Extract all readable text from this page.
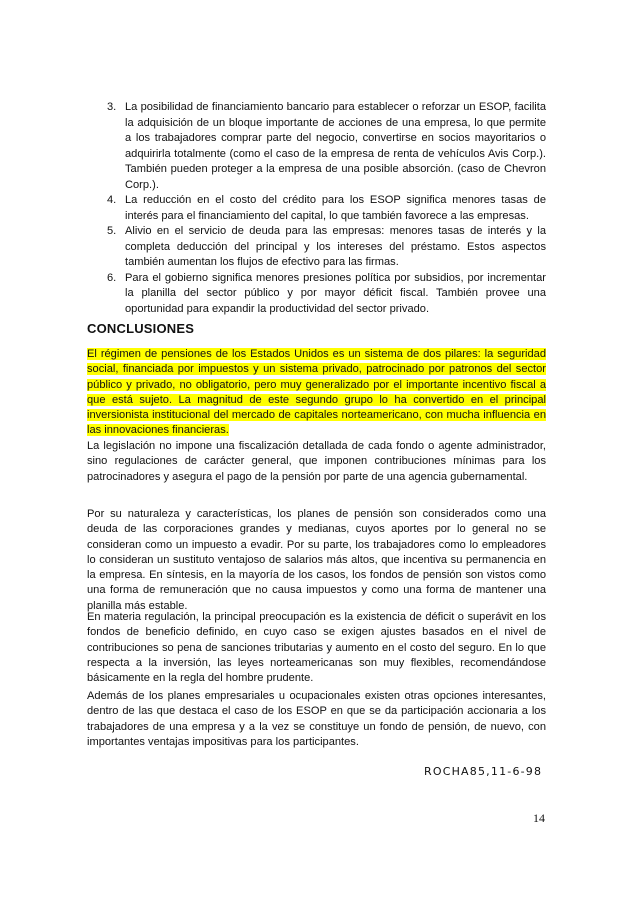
3. La posibilidad de financiamiento bancario para establecer o reforzar un ESOP, facilita la adquisición de un bloque importante de acciones de una empresa, lo que permite a los trabajadores comprar parte del negocio, convertirse en socios mayoritarios o adquirirla totalmente (como el caso de la empresa de renta de vehículos Avis Corp.). También pueden proteger a la empresa de una posible absorción. (caso de Chevron Corp.).
4. La reducción en el costo del crédito para los ESOP significa menores tasas de interés para el financiamiento del capital, lo que también favorece a las empresas.
5. Alivio en el servicio de deuda para las empresas: menores tasas de interés y la completa deducción del principal y los intereses del préstamo. Estos aspectos también aumentan los flujos de efectivo para las firmas.
6. Para el gobierno significa menores presiones política por subsidios, por incrementar la planilla del sector público y por mayor déficit fiscal. También provee una oportunidad para expandir la productividad del sector privado.
CONCLUSIONES

El régimen de pensiones de los Estados Unidos es un sistema de dos pilares: la seguridad social, financiada por impuestos y un sistema privado, patrocinado por patronos del sector público y privado, no obligatorio, pero muy generalizado por el importante incentivo fiscal a que está sujeto. La magnitud de este segundo grupo lo ha convertido en el principal inversionista institucional del mercado de capitales norteamericano, con mucha influencia en las innovaciones financieras.

La legislación no impone una fiscalización detallada de cada fondo o agente administrador, sino regulaciones de carácter general, que imponen contribuciones mínimas para los patrocinadores y asegura el pago de la pensión por parte de una agencia gubernamental.

Por su naturaleza y características, los planes de pensión son considerados como una deuda de las corporaciones grandes y medianas, cuyos aportes por lo general no se consideran como un impuesto a evadir. Por su parte, los trabajadores como lo empleadores lo consideran un sustituto ventajoso de salarios más altos, que incentiva su permanencia en la empresa. En síntesis, en la mayoría de los casos, los fondos de pensión son vistos como una forma de remuneración que no causa impuestos y como una forma de mantener una planilla más estable.

En materia regulación, la principal preocupación es la existencia de déficit o superávit en los fondos de beneficio definido, en cuyo caso se exigen ajustes basados en el nivel de contribuciones so pena de sanciones tributarias y aumento en el costo del seguro. En lo que respecta a la inversión, las leyes norteamericanas son muy flexibles, recomendándose básicamente en la regla del hombre prudente.

Además de los planes empresariales u ocupacionales existen otras opciones interesantes, dentro de las que destaca el caso de los ESOP en que se da participación accionaria a los trabajadores de una empresa y a la vez se constituye un fondo de pensión, de nuevo, con importantes ventajas impositivas para los participantes.

ROCHA85,11-6-98
14
